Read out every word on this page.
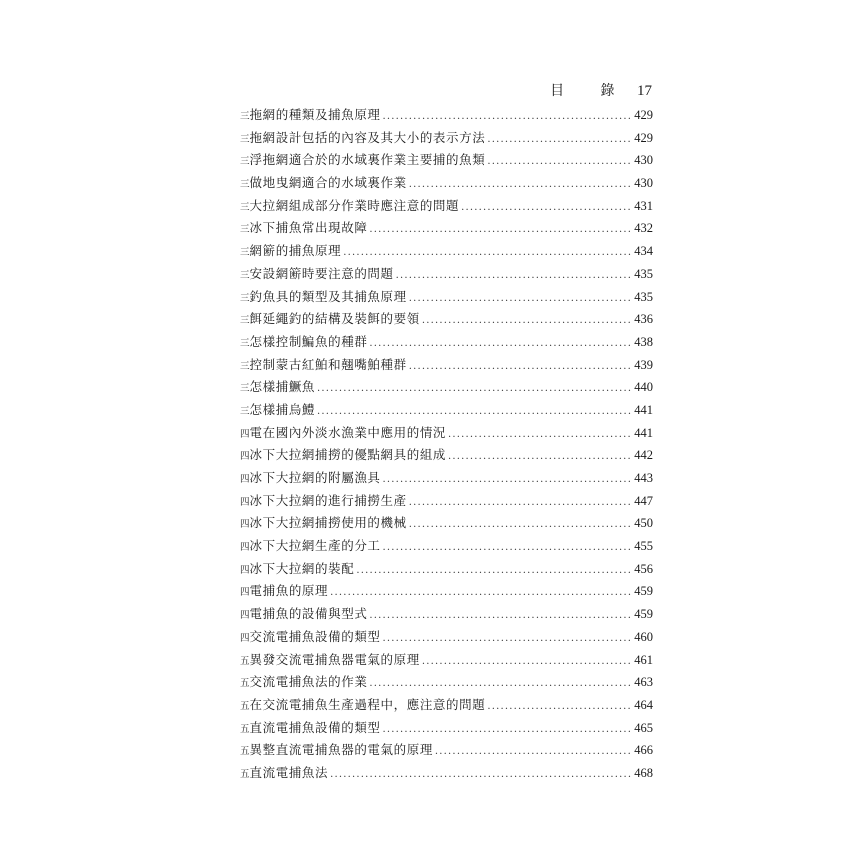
目 錄 17
三 拖網的種類及捕魚原理 .....	429
三 拖網設計包括的內容及其大小的表示方法 .....	429
三 浮拖網適合於的水域裏作業主要捕的魚類 .....	430
三 做地曳網適合的水域裏作業 .....	430
三 大拉網組成部分作業時應注意的問題 .....	431
三 冰下捕魚常出現故障 .....	432
三 網簖的捕魚原理 .....	434
三 安設網簖時要注意的問題 .....	435
三 釣魚具的類型及其捕魚原理 .....	435
三 餌延繩釣的結構及裝餌的要領 .....	436
三 怎樣控制鯿魚的種群 .....	438
三 控制蒙古紅鮊和翹嘴鮊種群 .....	439
三 怎樣捕鱖魚 .....	440
三 怎樣捕烏鱧 .....	441
四 電在國內外淡水漁業中應用的情況 .....	441
四 冰下大拉網捕撈的優點網具的組成 .....	442
四 冰下大拉網的附屬漁具 .....	443
四 冰下大拉網的進行捕撈生產 .....	447
四 冰下大拉網捕撈使用的機械 .....	450
四 冰下大拉網生產的分工 .....	455
四 冰下大拉網的裝配 .....	456
四 電捕魚的原理 .....	459
四 電捕魚的設備與型式 .....	459
四 交流電捕魚設備的類型 .....	460
五 異發交流電捕魚器電氣的原理 .....	461
五 交流電捕魚法的作業 .....	463
五 在交流電捕魚生產過程中，應注意的問題 .....	464
五 直流電捕魚設備的類型 .....	465
五 異整直流電捕魚器的電氣的原理 .....	466
五 直流電捕魚法 .....	468
